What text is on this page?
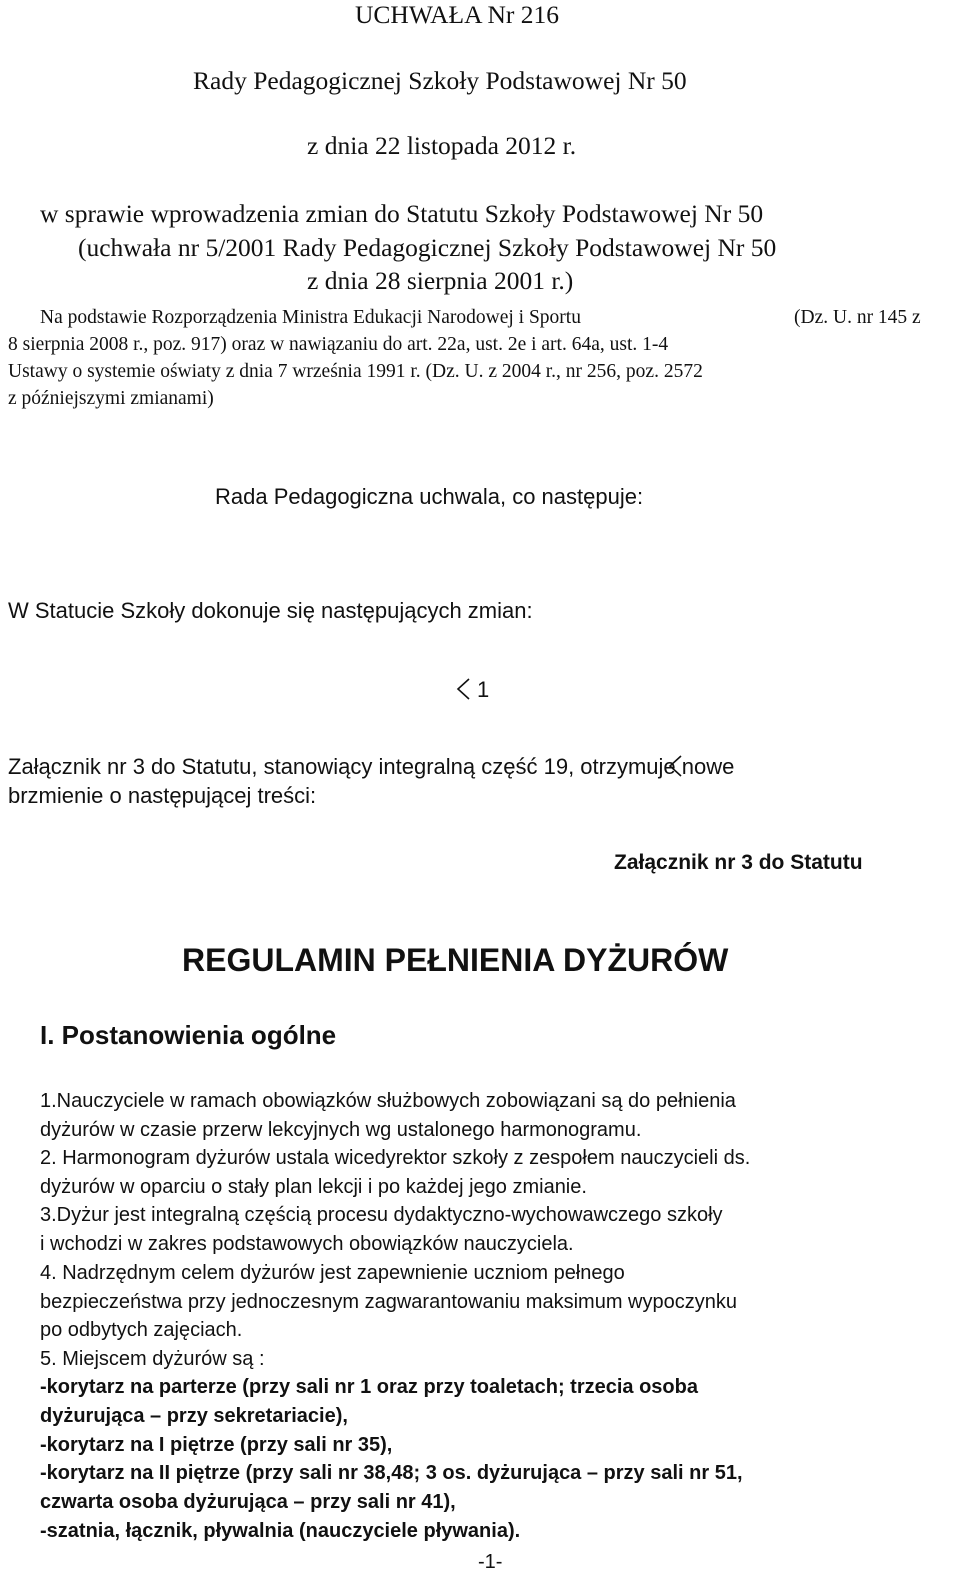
UCHWAŁA Nr 216
Rady Pedagogicznej Szkoły Podstawowej Nr 50
z dnia 22 listopada 2012 r.
w sprawie wprowadzenia zmian do Statutu Szkoły Podstawowej Nr 50
(uchwała nr 5/2001 Rady Pedagogicznej Szkoły Podstawowej Nr 50
z dnia 28 sierpnia 2001 r.)
Na podstawie Rozporządzenia Ministra Edukacji Narodowej i Sportu	(Dz. U. nr 145 z
8 sierpnia 2008 r., poz. 917) oraz w nawiązaniu do art. 22a, ust. 2e i art. 64a, ust. 1-4
Ustawy o systemie oświaty z dnia 7 września 1991 r. (Dz. U. z 2004 r., nr 256, poz. 2572
z późniejszymi zmianami)
Rada Pedagogiczna uchwala, co następuje:
W Statucie Szkoły dokonuje się następujących zmian:
1
Załącznik nr 3 do Statutu, stanowiący integralną część 19, otrzymuje nowe
brzmienie o następującej treści:
Załącznik nr 3 do Statutu
REGULAMIN PEŁNIENIA DYŻURÓW
I. Postanowienia ogólne
1.Nauczyciele w ramach obowiązków służbowych zobowiązani są do pełnienia
dyżurów w czasie przerw lekcyjnych wg ustalonego harmonogramu.
2. Harmonogram dyżurów ustala wicedyrektor szkoły z zespołem nauczycieli ds.
dyżurów w oparciu o stały plan lekcji i po każdej jego zmianie.
3.Dyżur jest integralną częścią procesu dydaktyczno-wychowawczego szkoły
i wchodzi w zakres podstawowych obowiązków nauczyciela.
4. Nadrzędnym celem dyżurów jest zapewnienie uczniom pełnego
bezpieczeństwa przy jednoczesnym zagwarantowaniu maksimum wypoczynku
po odbytych zajęciach.
5. Miejscem dyżurów są :
-korytarz na parterze (przy sali nr 1 oraz przy toaletach; trzecia osoba
dyżurująca – przy sekretariacie),
-korytarz na I piętrze (przy sali nr 35),
-korytarz na II piętrze (przy sali nr 38,48; 3 os. dyżurująca – przy sali nr 51,
czwarta osoba dyżurująca – przy sali nr 41),
-szatnia, łącznik, pływalnia (nauczyciele pływania).
-1-
